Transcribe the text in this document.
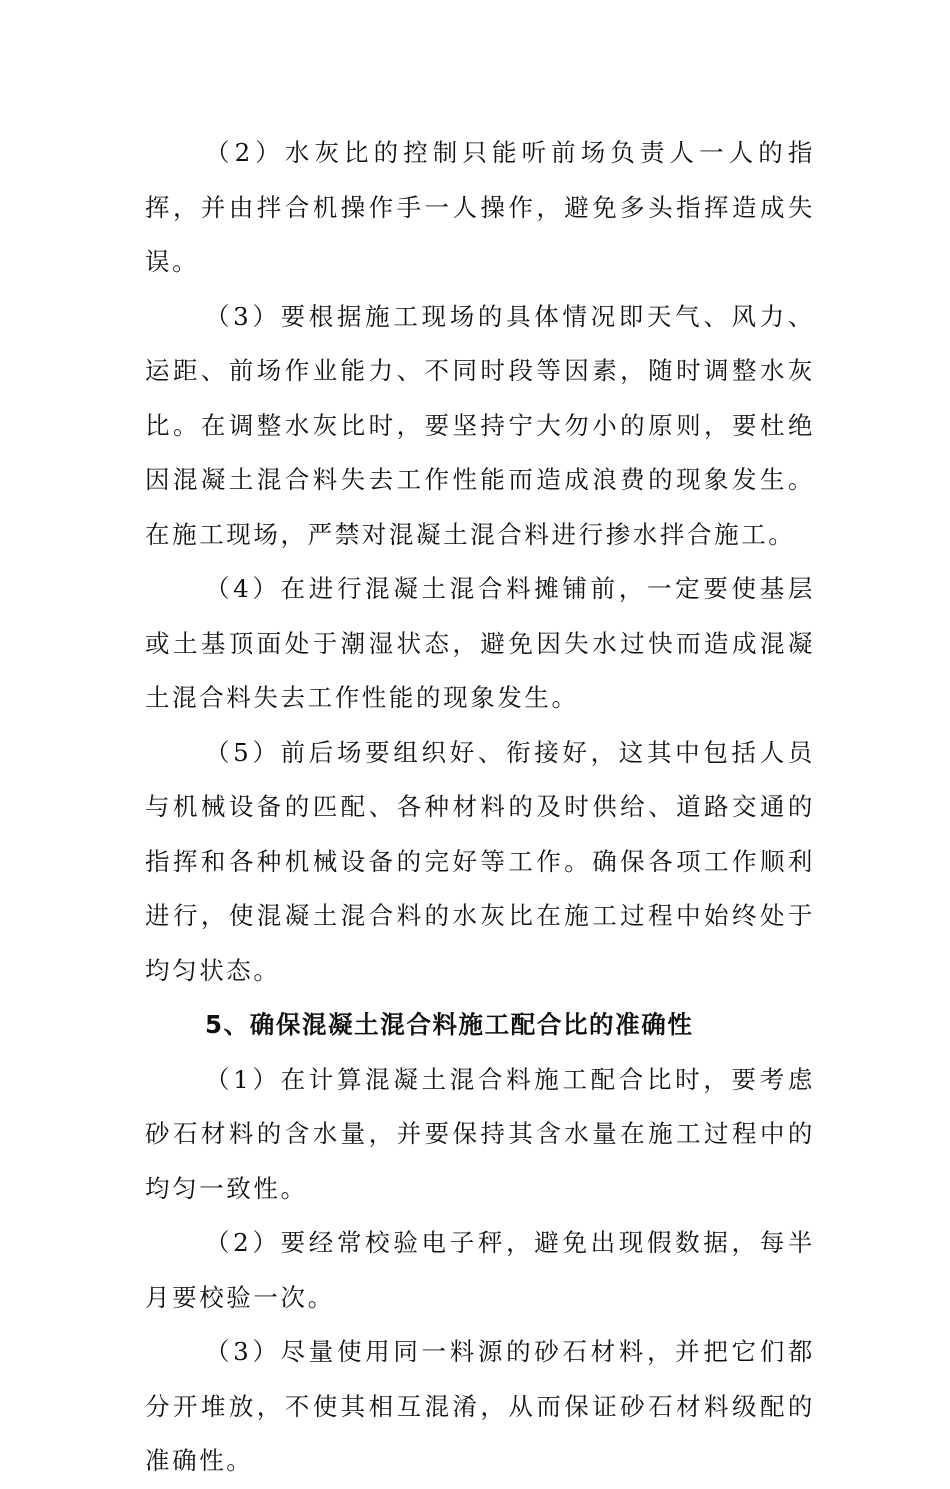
（2）水灰比的控制只能听前场负责人一人的指挥，并由拌合机操作手一人操作，避免多头指挥造成失误。

（3）要根据施工现场的具体情况即天气、风力、运距、前场作业能力、不同时段等因素，随时调整水灰比。在调整水灰比时，要坚持宁大勿小的原则，要杜绝因混凝土混合料失去工作性能而造成浪费的现象发生。在施工现场，严禁对混凝土混合料进行掺水拌合施工。

（4）在进行混凝土混合料摊铺前，一定要使基层或土基顶面处于潮湿状态，避免因失水过快而造成混凝土混合料失去工作性能的现象发生。

（5）前后场要组织好、衔接好，这其中包括人员与机械设备的匹配、各种材料的及时供给、道路交通的指挥和各种机械设备的完好等工作。确保各项工作顺利进行，使混凝土混合料的水灰比在施工过程中始终处于均匀状态。

5、确保混凝土混合料施工配合比的准确性

（1）在计算混凝土混合料施工配合比时，要考虑砂石材料的含水量，并要保持其含水量在施工过程中的均匀一致性。

（2）要经常校验电子秤，避免出现假数据，每半月要校验一次。

（3）尽量使用同一料源的砂石材料，并把它们都分开堆放，不使其相互混淆，从而保证砂石材料级配的准确性。
